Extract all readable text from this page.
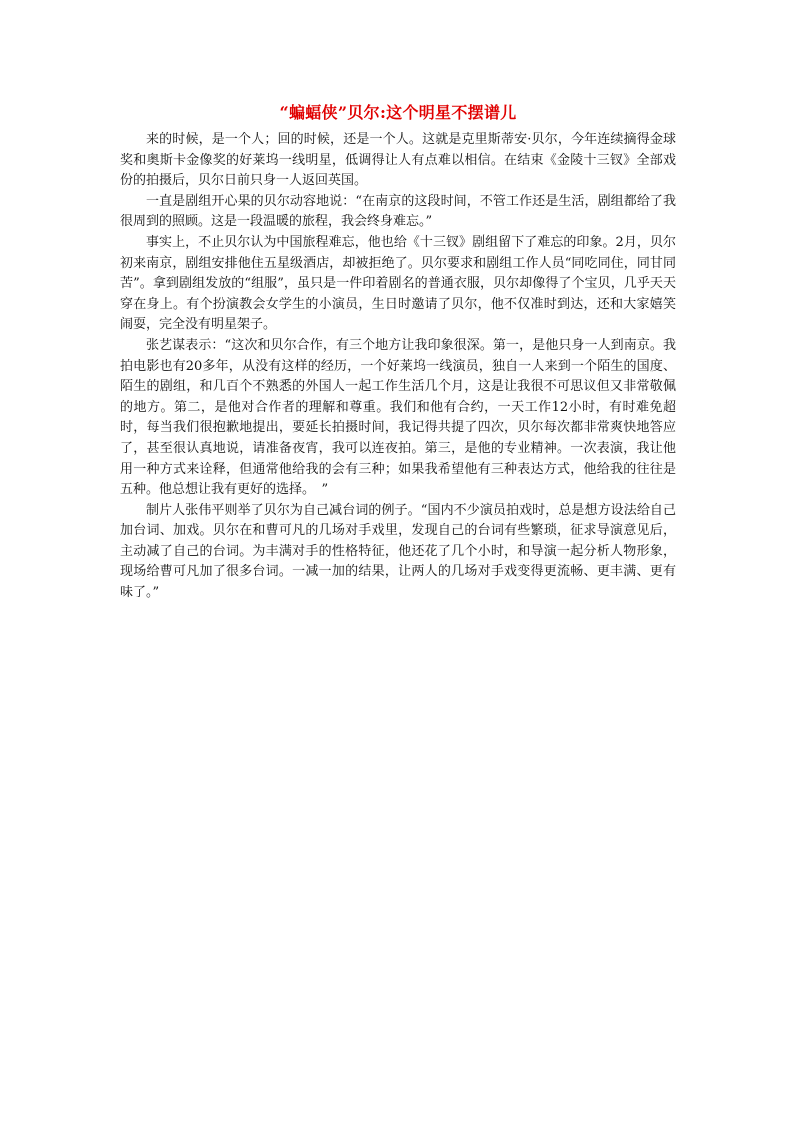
“蝙蝠侠”贝尔:这个明星不摆谱儿

来的时候，是一个人；回的时候，还是一个人。这就是克里斯蒂安·贝尔，今年连续摘得金球奖和奥斯卡金像奖的好莱坞一线明星，低调得让人有点难以相信。在结束《金陵十三钗》全部戏份的拍摄后，贝尔日前只身一人返回英国。

一直是剧组开心果的贝尔动容地说：“在南京的这段时间，不管工作还是生活，剧组都给了我很周到的照顾。这是一段温暖的旅程，我会终身难忘。”

事实上，不止贝尔认为中国旅程难忘，他也给《十三钗》剧组留下了难忘的印象。2月，贝尔初来南京，剧组安排他住五星级酒店，却被拒绝了。贝尔要求和剧组工作人员“同吃同住，同甘同苦”。拿到剧组发放的“组服”，虽只是一件印着剧名的普通衣服，贝尔却像得了个宝贝，几乎天天穿在身上。有个扮演教会女学生的小演员，生日时邀请了贝尔，他不仅准时到达，还和大家嬉笑闹耍，完全没有明星架子。

张艺谋表示：“这次和贝尔合作，有三个地方让我印象很深。第一，是他只身一人到南京。我拍电影也有20多年，从没有这样的经历，一个好莱坞一线演员，独自一人来到一个陌生的国度、陌生的剧组，和几百个不熟悉的外国人一起工作生活几个月，这是让我很不可思议但又非常敬佩的地方。第二，是他对合作者的理解和尊重。我们和他有合约，一天工作12小时，有时难免超时，每当我们很抱歉地提出，要延长拍摄时间，我记得共提了四次，贝尔每次都非常爽快地答应了，甚至很认真地说，请准备夜宵，我可以连夜拍。第三，是他的专业精神。一次表演，我让他用一种方式来诠释，但通常他给我的会有三种；如果我希望他有三种表达方式，他给我的往往是五种。他总想让我有更好的选择。　”

制片人张伟平则举了贝尔为自己减台词的例子。“国内不少演员拍戏时，总是想方设法给自己加台词、加戏。贝尔在和曹可凡的几场对手戏里，发现自己的台词有些繁琐，征求导演意见后，主动减了自己的台词。为丰满对手的性格特征，他还花了几个小时，和导演一起分析人物形象，现场给曹可凡加了很多台词。一减一加的结果，让两人的几场对手戏变得更流畅、更丰满、更有味了。”
